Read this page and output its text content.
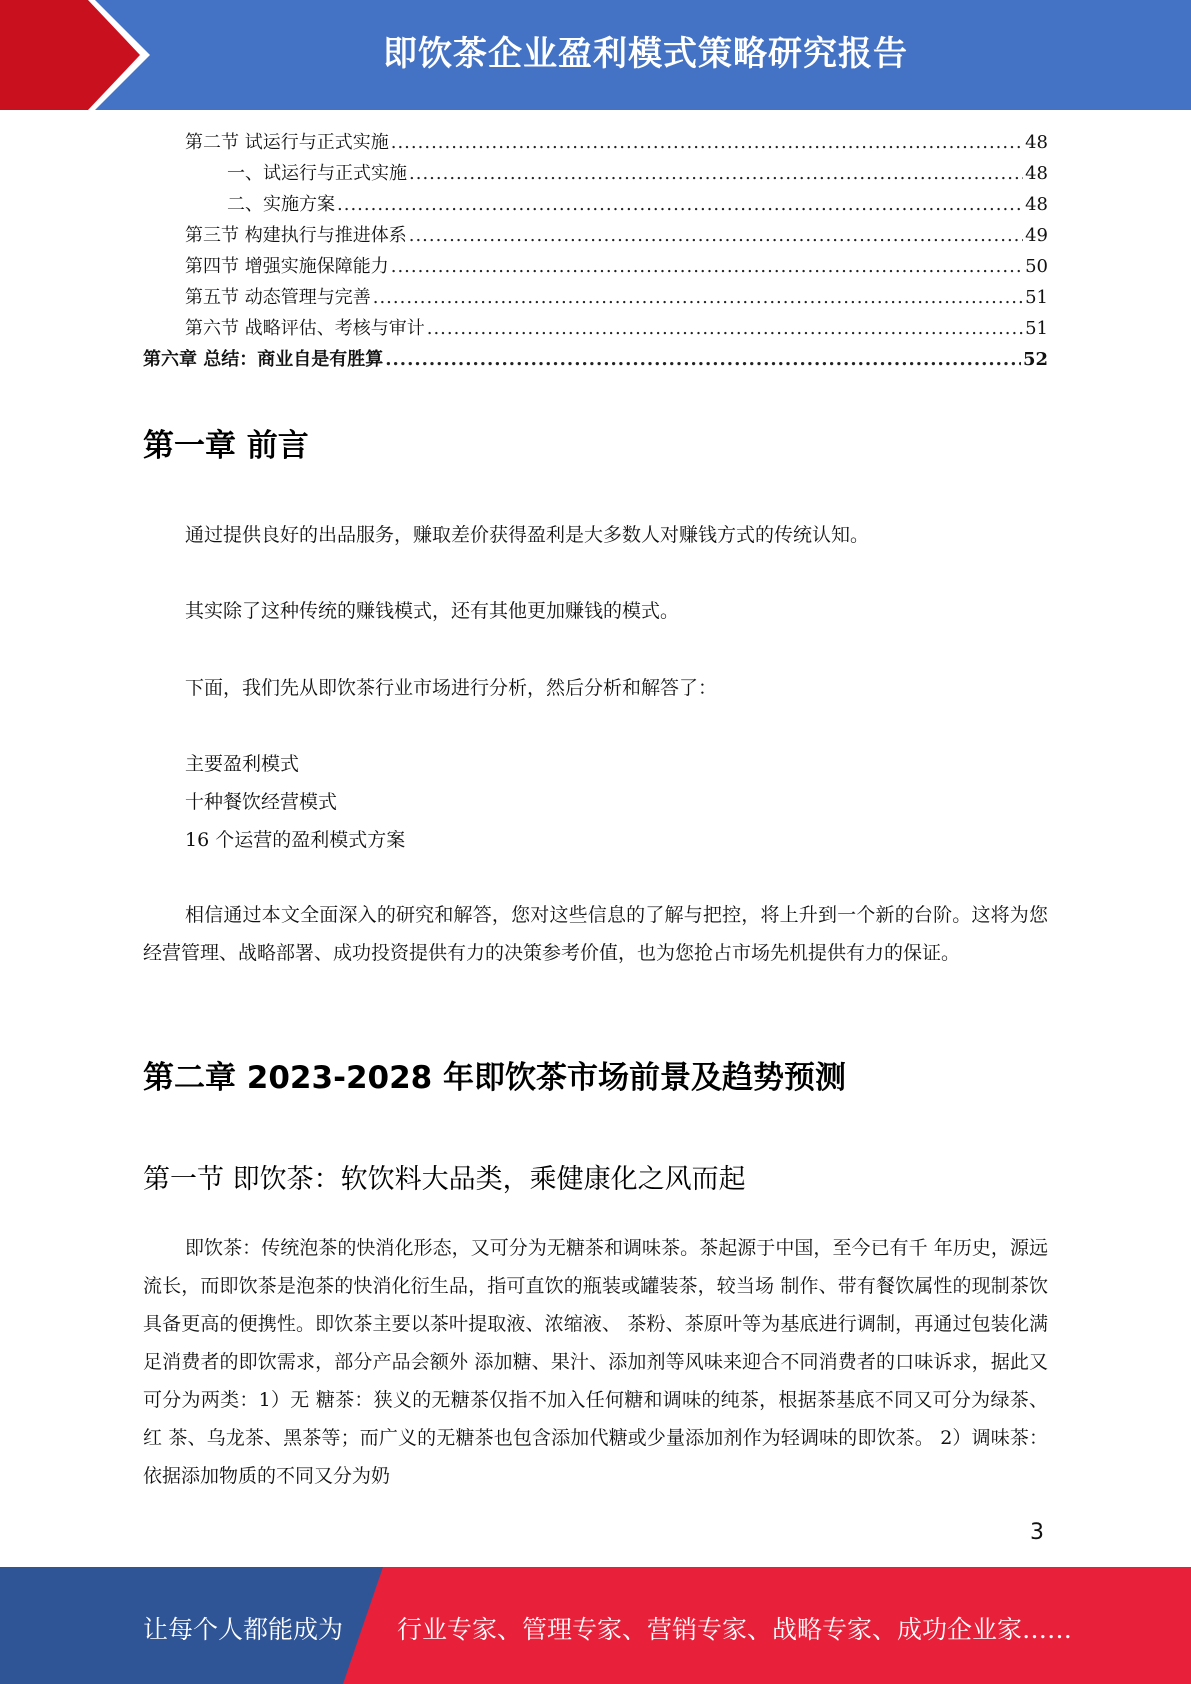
即饮茶企业盈利模式策略研究报告
第二节 试运行与正式实施 .....	48
一、试运行与正式实施 .....	48
二、实施方案 .....	48
第三节 构建执行与推进体系 .....	49
第四节 增强实施保障能力 .....	50
第五节 动态管理与完善 .....	51
第六节 战略评估、考核与审计 .....	51
第六章 总结：商业自是有胜算 .....	52
第一章 前言

通过提供良好的出品服务，赚取差价获得盈利是大多数人对赚钱方式的传统认知。

其实除了这种传统的赚钱模式，还有其他更加赚钱的模式。

下面，我们先从即饮茶行业市场进行分析，然后分析和解答了：

主要盈利模式

十种餐饮经营模式

16 个运营的盈利模式方案

相信通过本文全面深入的研究和解答，您对这些信息的了解与把控，将上升到一个新的台阶。这将为您经营管理、战略部署、成功投资提供有力的决策参考价值，也为您抢占市场先机提供有力的保证。

第二章 2023-2028 年即饮茶市场前景及趋势预测
第一节 即饮茶：软饮料大品类，乘健康化之风而起

即饮茶：传统泡茶的快消化形态，又可分为无糖茶和调味茶。茶起源于中国，至今已有千 年历史，源远流长，而即饮茶是泡茶的快消化衍生品，指可直饮的瓶装或罐装茶，较当场 制作、带有餐饮属性的现制茶饮具备更高的便携性。即饮茶主要以茶叶提取液、浓缩液、 茶粉、茶原叶等为基底进行调制，再通过包装化满足消费者的即饮需求，部分产品会额外 添加糖、果汁、添加剂等风味来迎合不同消费者的口味诉求，据此又可分为两类：1）无 糖茶：狭义的无糖茶仅指不加入任何糖和调味的纯茶，根据茶基底不同又可分为绿茶、红 茶、乌龙茶、黑茶等；而广义的无糖茶也包含添加代糖或少量添加剂作为轻调味的即饮茶。 2）调味茶：依据添加物质的不同又分为奶

3
让每个人都能成为 行业专家、管理专家、营销专家、战略专家、成功企业家……
